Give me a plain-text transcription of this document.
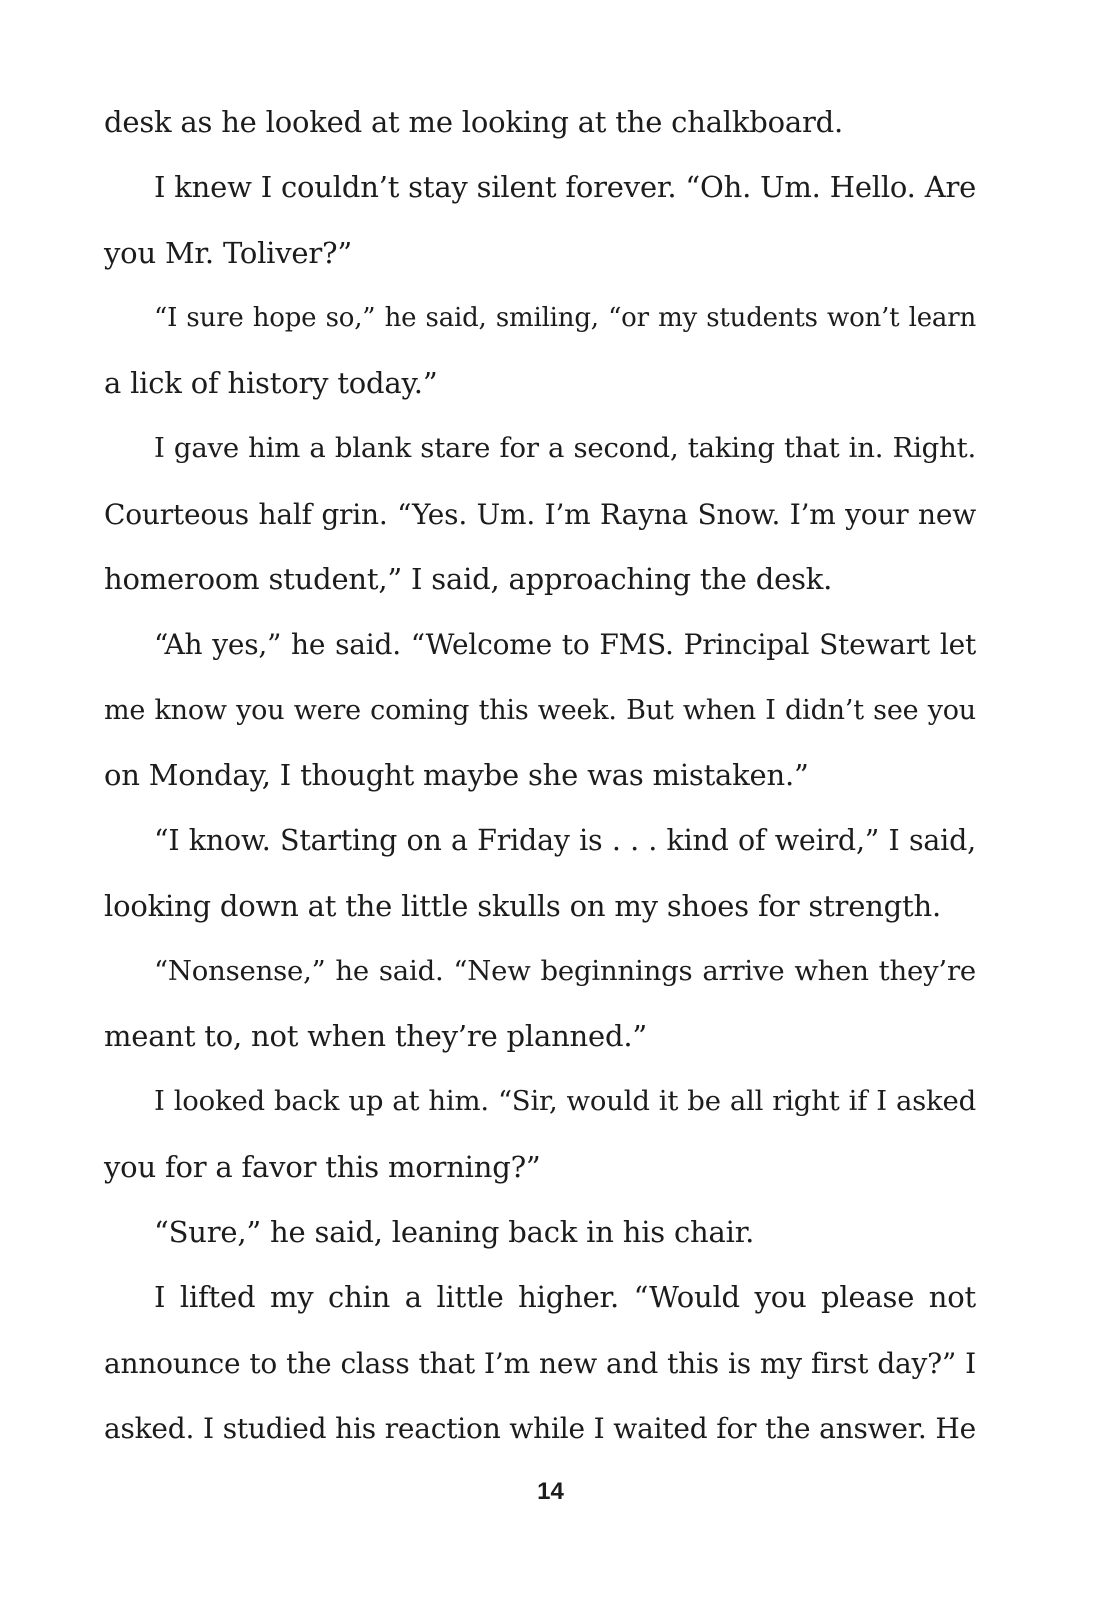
desk as he looked at me looking at the chalkboard.
I knew I couldn’t stay silent forever. “Oh. Um. Hello. Are
you Mr. Toliver?”
“I sure hope so,” he said, smiling, “or my students won’t learn
a lick of history today.”
I gave him a blank stare for a second, taking that in. Right.
Courteous half grin. “Yes. Um. I’m Rayna Snow. I’m your new
homeroom student,” I said, approaching the desk.
“Ah yes,” he said. “Welcome to FMS. Principal Stewart let
me know you were coming this week. But when I didn’t see you
on Monday, I thought maybe she was mistaken.”
“I know. Starting on a Friday is . . . kind of weird,” I said,
looking down at the little skulls on my shoes for strength.
“Nonsense,” he said. “New beginnings arrive when they’re
meant to, not when they’re planned.”
I looked back up at him. “Sir, would it be all right if I asked
you for a favor this morning?”
“Sure,” he said, leaning back in his chair.
I lifted my chin a little higher. “Would you please not
announce to the class that I’m new and this is my first day?” I
asked. I studied his reaction while I waited for the answer. He
14
